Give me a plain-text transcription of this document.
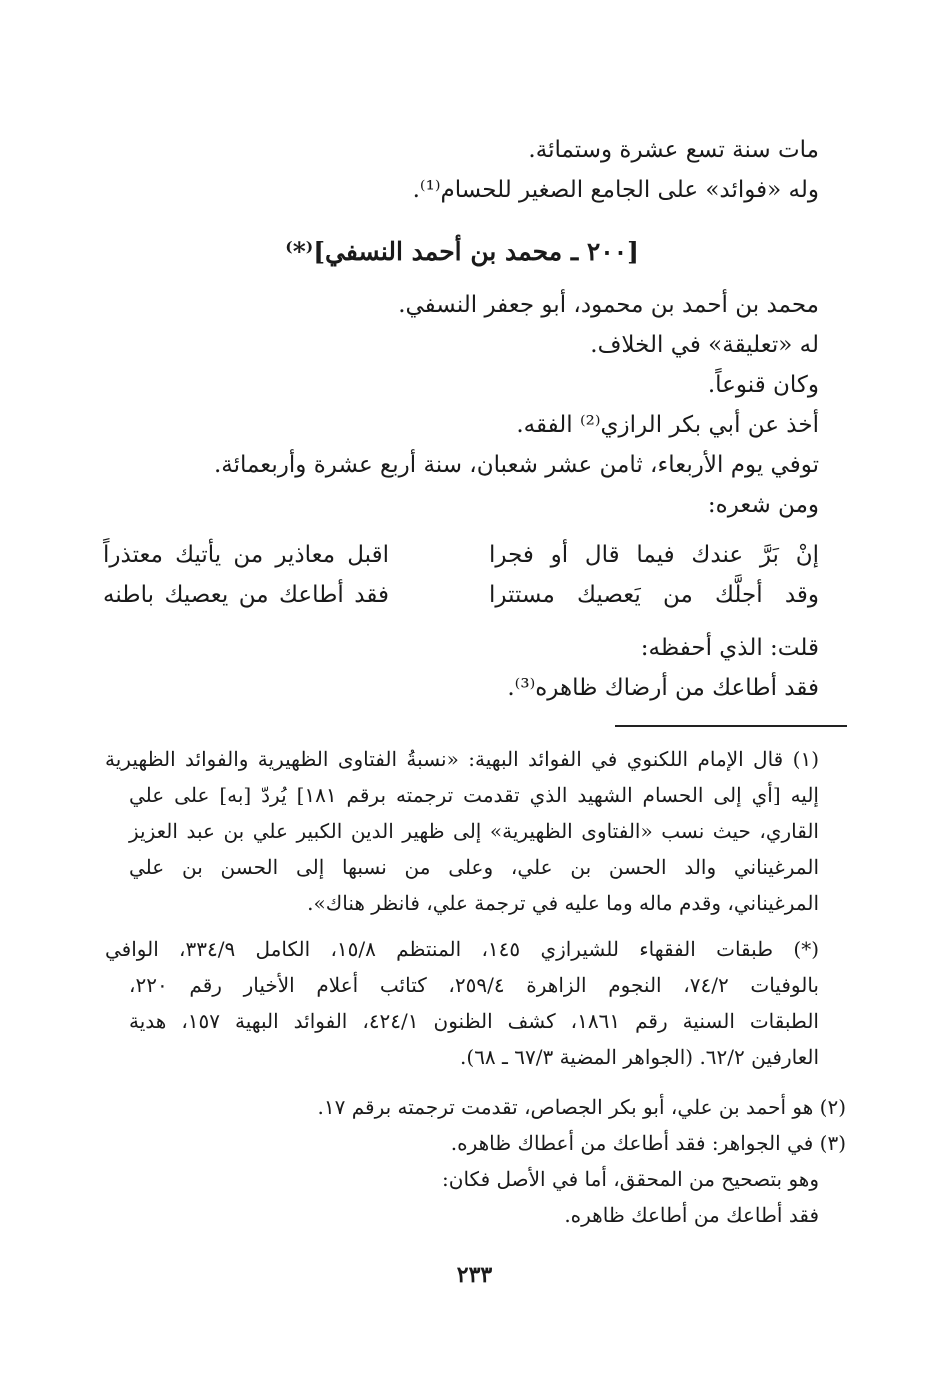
مات سنة تسع عشرة وستمائة.

وله «فوائد» على الجامع الصغير للحسام⁽¹⁾.

[٢٠٠ ـ محمد بن أحمد النسفي]⁽*⁾

محمد بن أحمد بن محمود، أبو جعفر النسفي.

له «تعليقة» في الخلاف.

وكان قنوعاً.

أخذ عن أبي بكر الرازي⁽²⁾ الفقه.

توفي يوم الأربعاء، ثامن عشر شعبان، سنة أربع عشرة وأربعمائة.

ومن شعره:

اقبل معاذير من يأتيك معتذراً	إنْ بَرَّ عندك فيما قال أو فجرا

فقد أطاعك من يعصيك باطنه	وقد أجلَّك من يَعصيك مستترا

قلت: الذي أحفظه:

فقد أطاعك من أرضاك ظاهره⁽³⁾.

(١) قال الإمام اللكنوي في الفوائد البهية: «نسبةُ الفتاوى الظهيرية والفوائد الظهيرية

إليه [أي إلى الحسام الشهيد الذي تقدمت ترجمته برقم ١٨١] يُردّ [به] على علي

القاري، حيث نسب «الفتاوى الظهيرية» إلى ظهير الدين الكبير علي بن عبد العزيز

المرغيناني والد الحسن بن علي، وعلى من نسبها إلى الحسن بن علي

المرغيناني، وقدم ماله وما عليه في ترجمة علي، فانظر هناك».

(*) طبقات الفقهاء للشيرازي ١٤٥، المنتظم ١٥/٨، الكامل ٣٣٤/٩، الوافي

بالوفيات ٧٤/٢، النجوم الزاهرة ٢٥٩/٤، كتائب أعلام الأخيار رقم ٢٢٠،

الطبقات السنية رقم ١٨٦١، كشف الظنون ٤٢٤/١، الفوائد البهية ١٥٧، هدية

العارفين ٦٢/٢. (الجواهر المضية ٦٧/٣ ـ ٦٨).

(٢) هو أحمد بن علي، أبو بكر الجصاص، تقدمت ترجمته برقم ١٧.

(٣) في الجواهر: فقد أطاعك من أعطاك ظاهره.

وهو بتصحيح من المحقق، أما في الأصل فكان:

فقد أطاعك من أطاعك ظاهره.

٢٣٣
